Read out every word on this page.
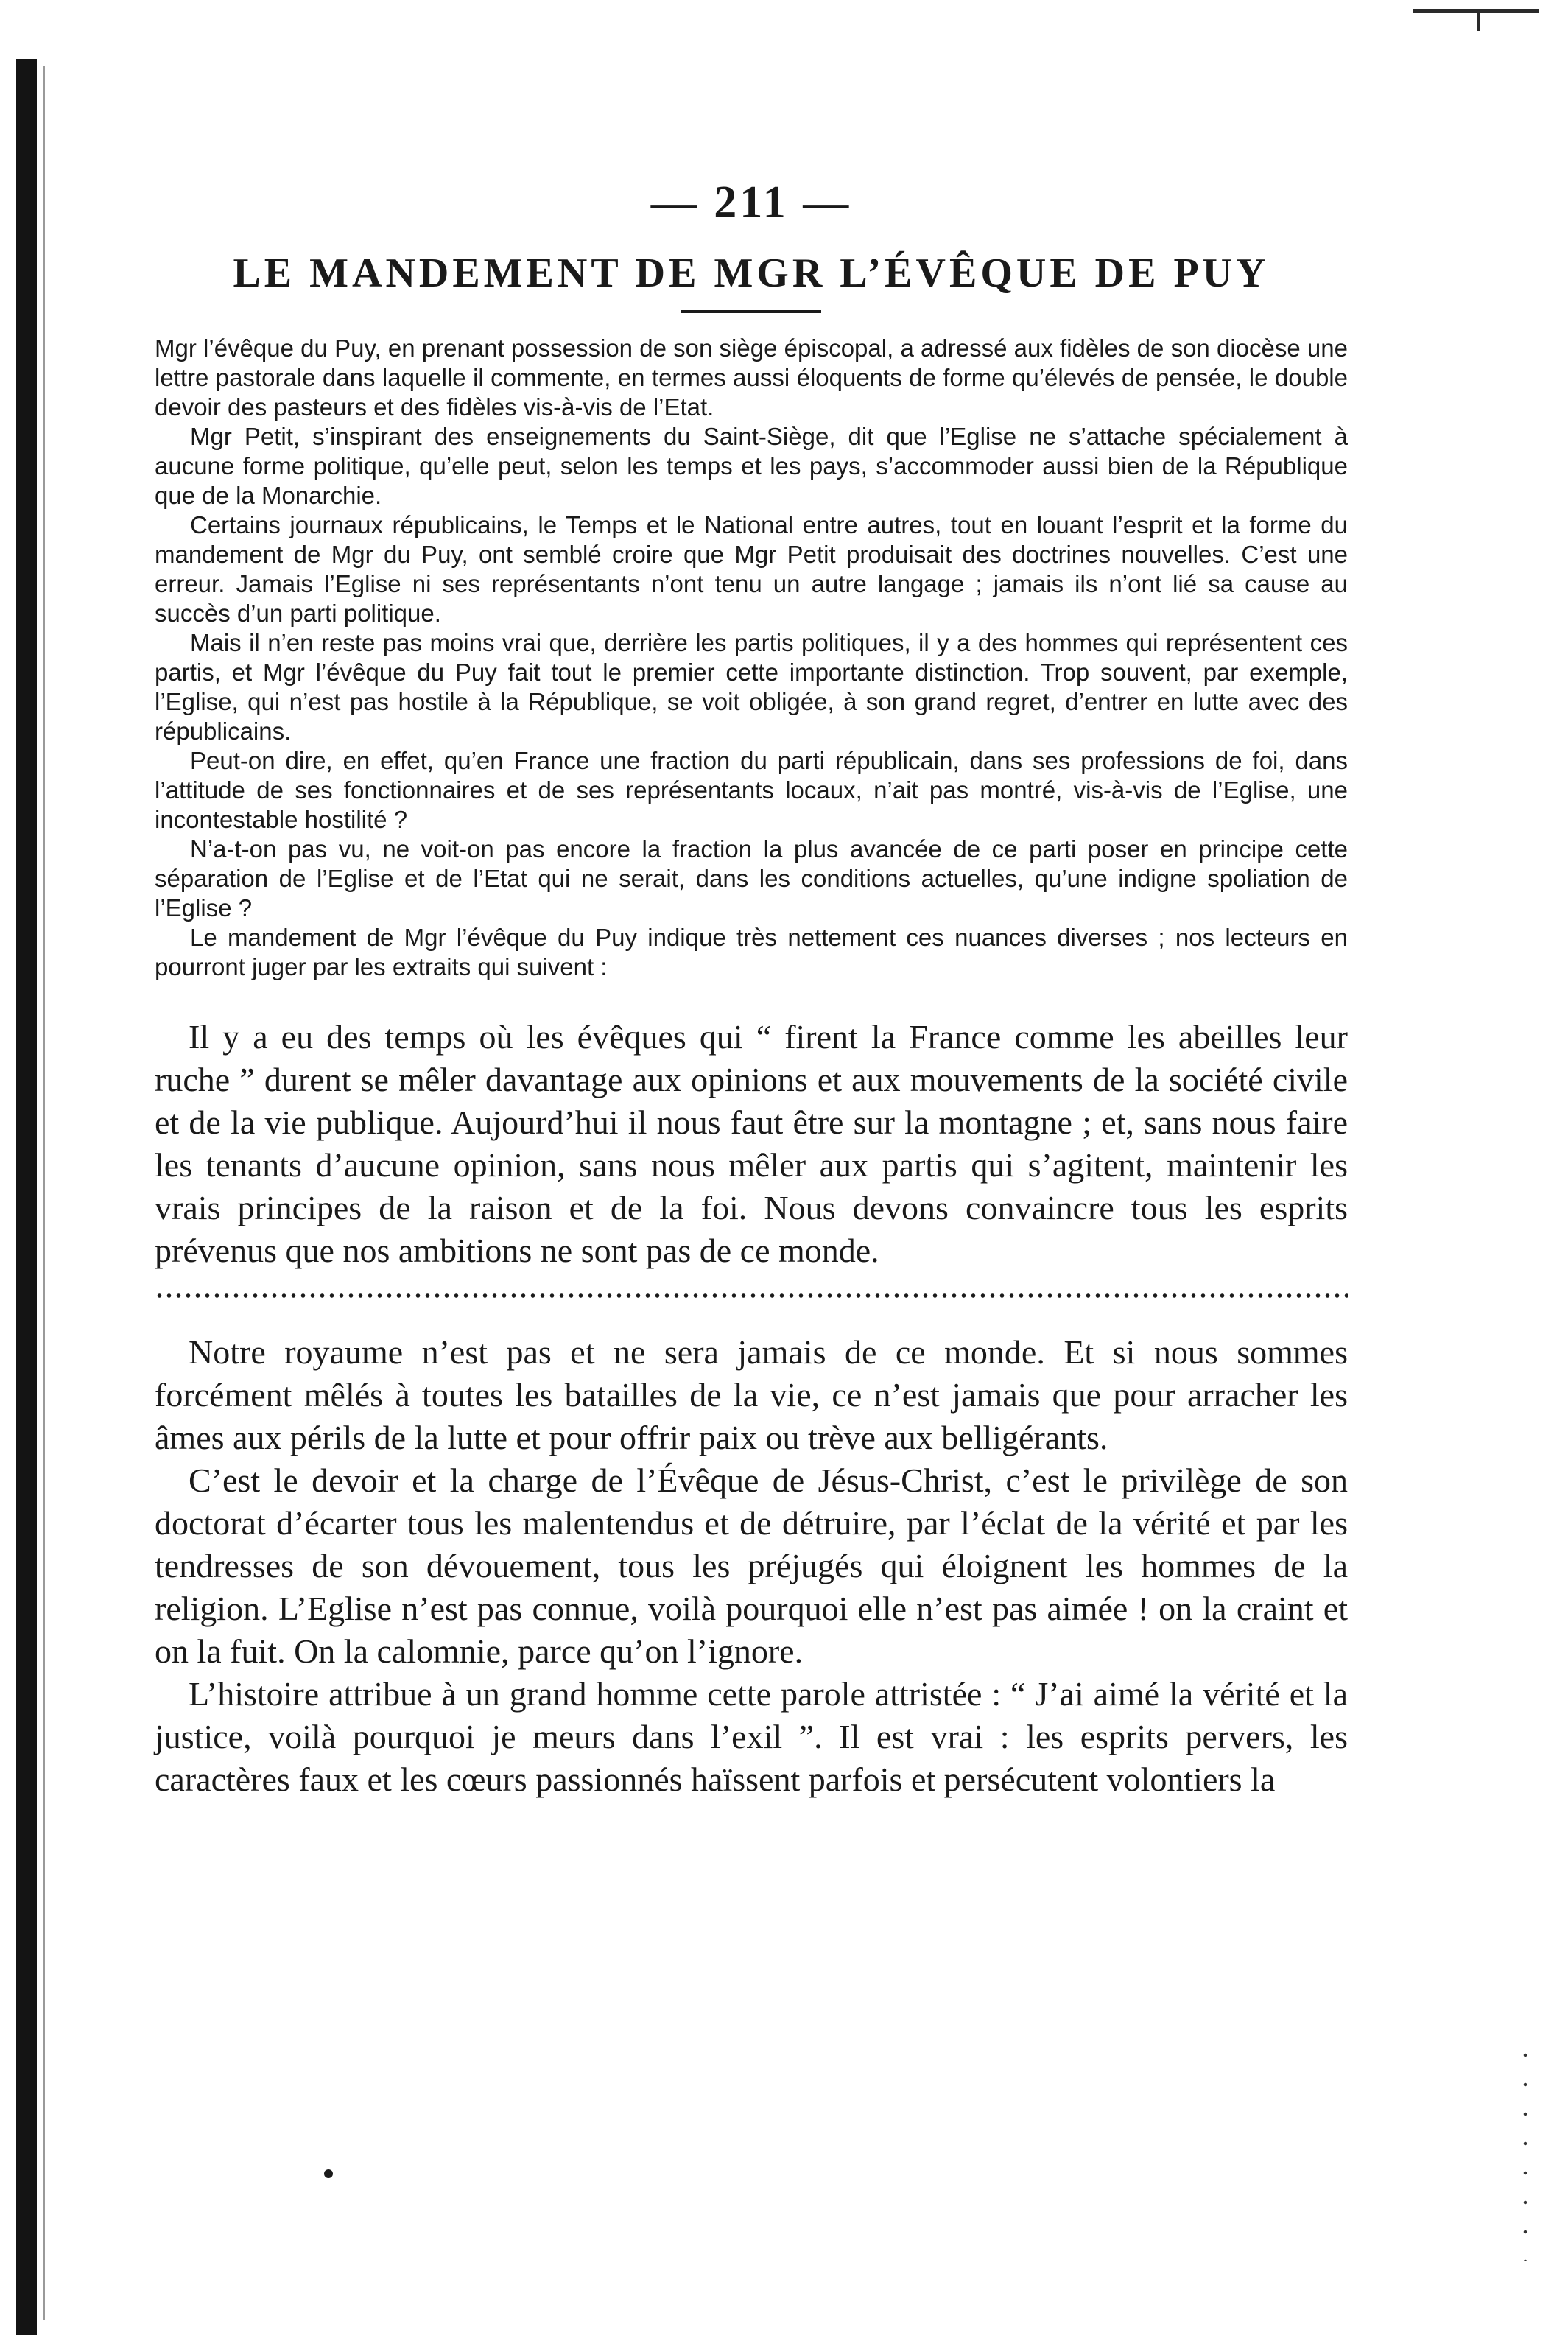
— 211 —
LE MANDEMENT DE MGR L’ÉVÊQUE DE PUY

Mgr l’évêque du Puy, en prenant possession de son siège épiscopal, a adressé aux fidèles de son diocèse une lettre pastorale dans laquelle il commente, en termes aussi éloquents de forme qu’élevés de pensée, le double devoir des pasteurs et des fidèles vis-à-vis de l’Etat.

Mgr Petit, s’inspirant des enseignements du Saint-Siège, dit que l’Eglise ne s’attache spécialement à aucune forme politique, qu’elle peut, selon les temps et les pays, s’accommoder aussi bien de la République que de la Monarchie.

Certains journaux républicains, le Temps et le National entre autres, tout en louant l’esprit et la forme du mandement de Mgr du Puy, ont semblé croire que Mgr Petit produisait des doctrines nouvelles. C’est une erreur. Jamais l’Eglise ni ses représentants n’ont tenu un autre langage ; jamais ils n’ont lié sa cause au succès d’un parti politique.

Mais il n’en reste pas moins vrai que, derrière les partis politiques, il y a des hommes qui représentent ces partis, et Mgr l’évêque du Puy fait tout le premier cette importante distinction. Trop souvent, par exemple, l’Eglise, qui n’est pas hostile à la République, se voit obligée, à son grand regret, d’entrer en lutte avec des républicains.

Peut-on dire, en effet, qu’en France une fraction du parti républicain, dans ses professions de foi, dans l’attitude de ses fonctionnaires et de ses représentants locaux, n’ait pas montré, vis-à-vis de l’Eglise, une incontestable hostilité ?

N’a-t-on pas vu, ne voit-on pas encore la fraction la plus avancée de ce parti poser en principe cette séparation de l’Eglise et de l’Etat qui ne serait, dans les conditions actuelles, qu’une indigne spoliation de l’Eglise ?

Le mandement de Mgr l’évêque du Puy indique très nettement ces nuances diverses ; nos lecteurs en pourront juger par les extraits qui suivent :

Il y a eu des temps où les évêques qui “ firent la France comme les abeilles leur ruche ” durent se mêler davantage aux opinions et aux mouvements de la société civile et de la vie publique. Aujourd’hui il nous faut être sur la montagne ; et, sans nous faire les tenants d’aucune opinion, sans nous mêler aux partis qui s’agitent, maintenir les vrais principes de la raison et de la foi. Nous devons convaincre tous les esprits prévenus que nos ambitions ne sont pas de ce monde.

Notre royaume n’est pas et ne sera jamais de ce monde. Et si nous sommes forcément mêlés à toutes les batailles de la vie, ce n’est jamais que pour arracher les âmes aux périls de la lutte et pour offrir paix ou trève aux belligérants.

C’est le devoir et la charge de l’Évêque de Jésus-Christ, c’est le privilège de son doctorat d’écarter tous les malentendus et de détruire, par l’éclat de la vérité et par les tendresses de son dévouement, tous les préjugés qui éloignent les hommes de la religion. L’Eglise n’est pas connue, voilà pourquoi elle n’est pas aimée ! on la craint et on la fuit. On la calomnie, parce qu’on l’ignore.

L’histoire attribue à un grand homme cette parole attristée : “ J’ai aimé la vérité et la justice, voilà pourquoi je meurs dans l’exil ”. Il est vrai : les esprits pervers, les caractères faux et les cœurs passionnés haïssent parfois et persécutent volontiers la
